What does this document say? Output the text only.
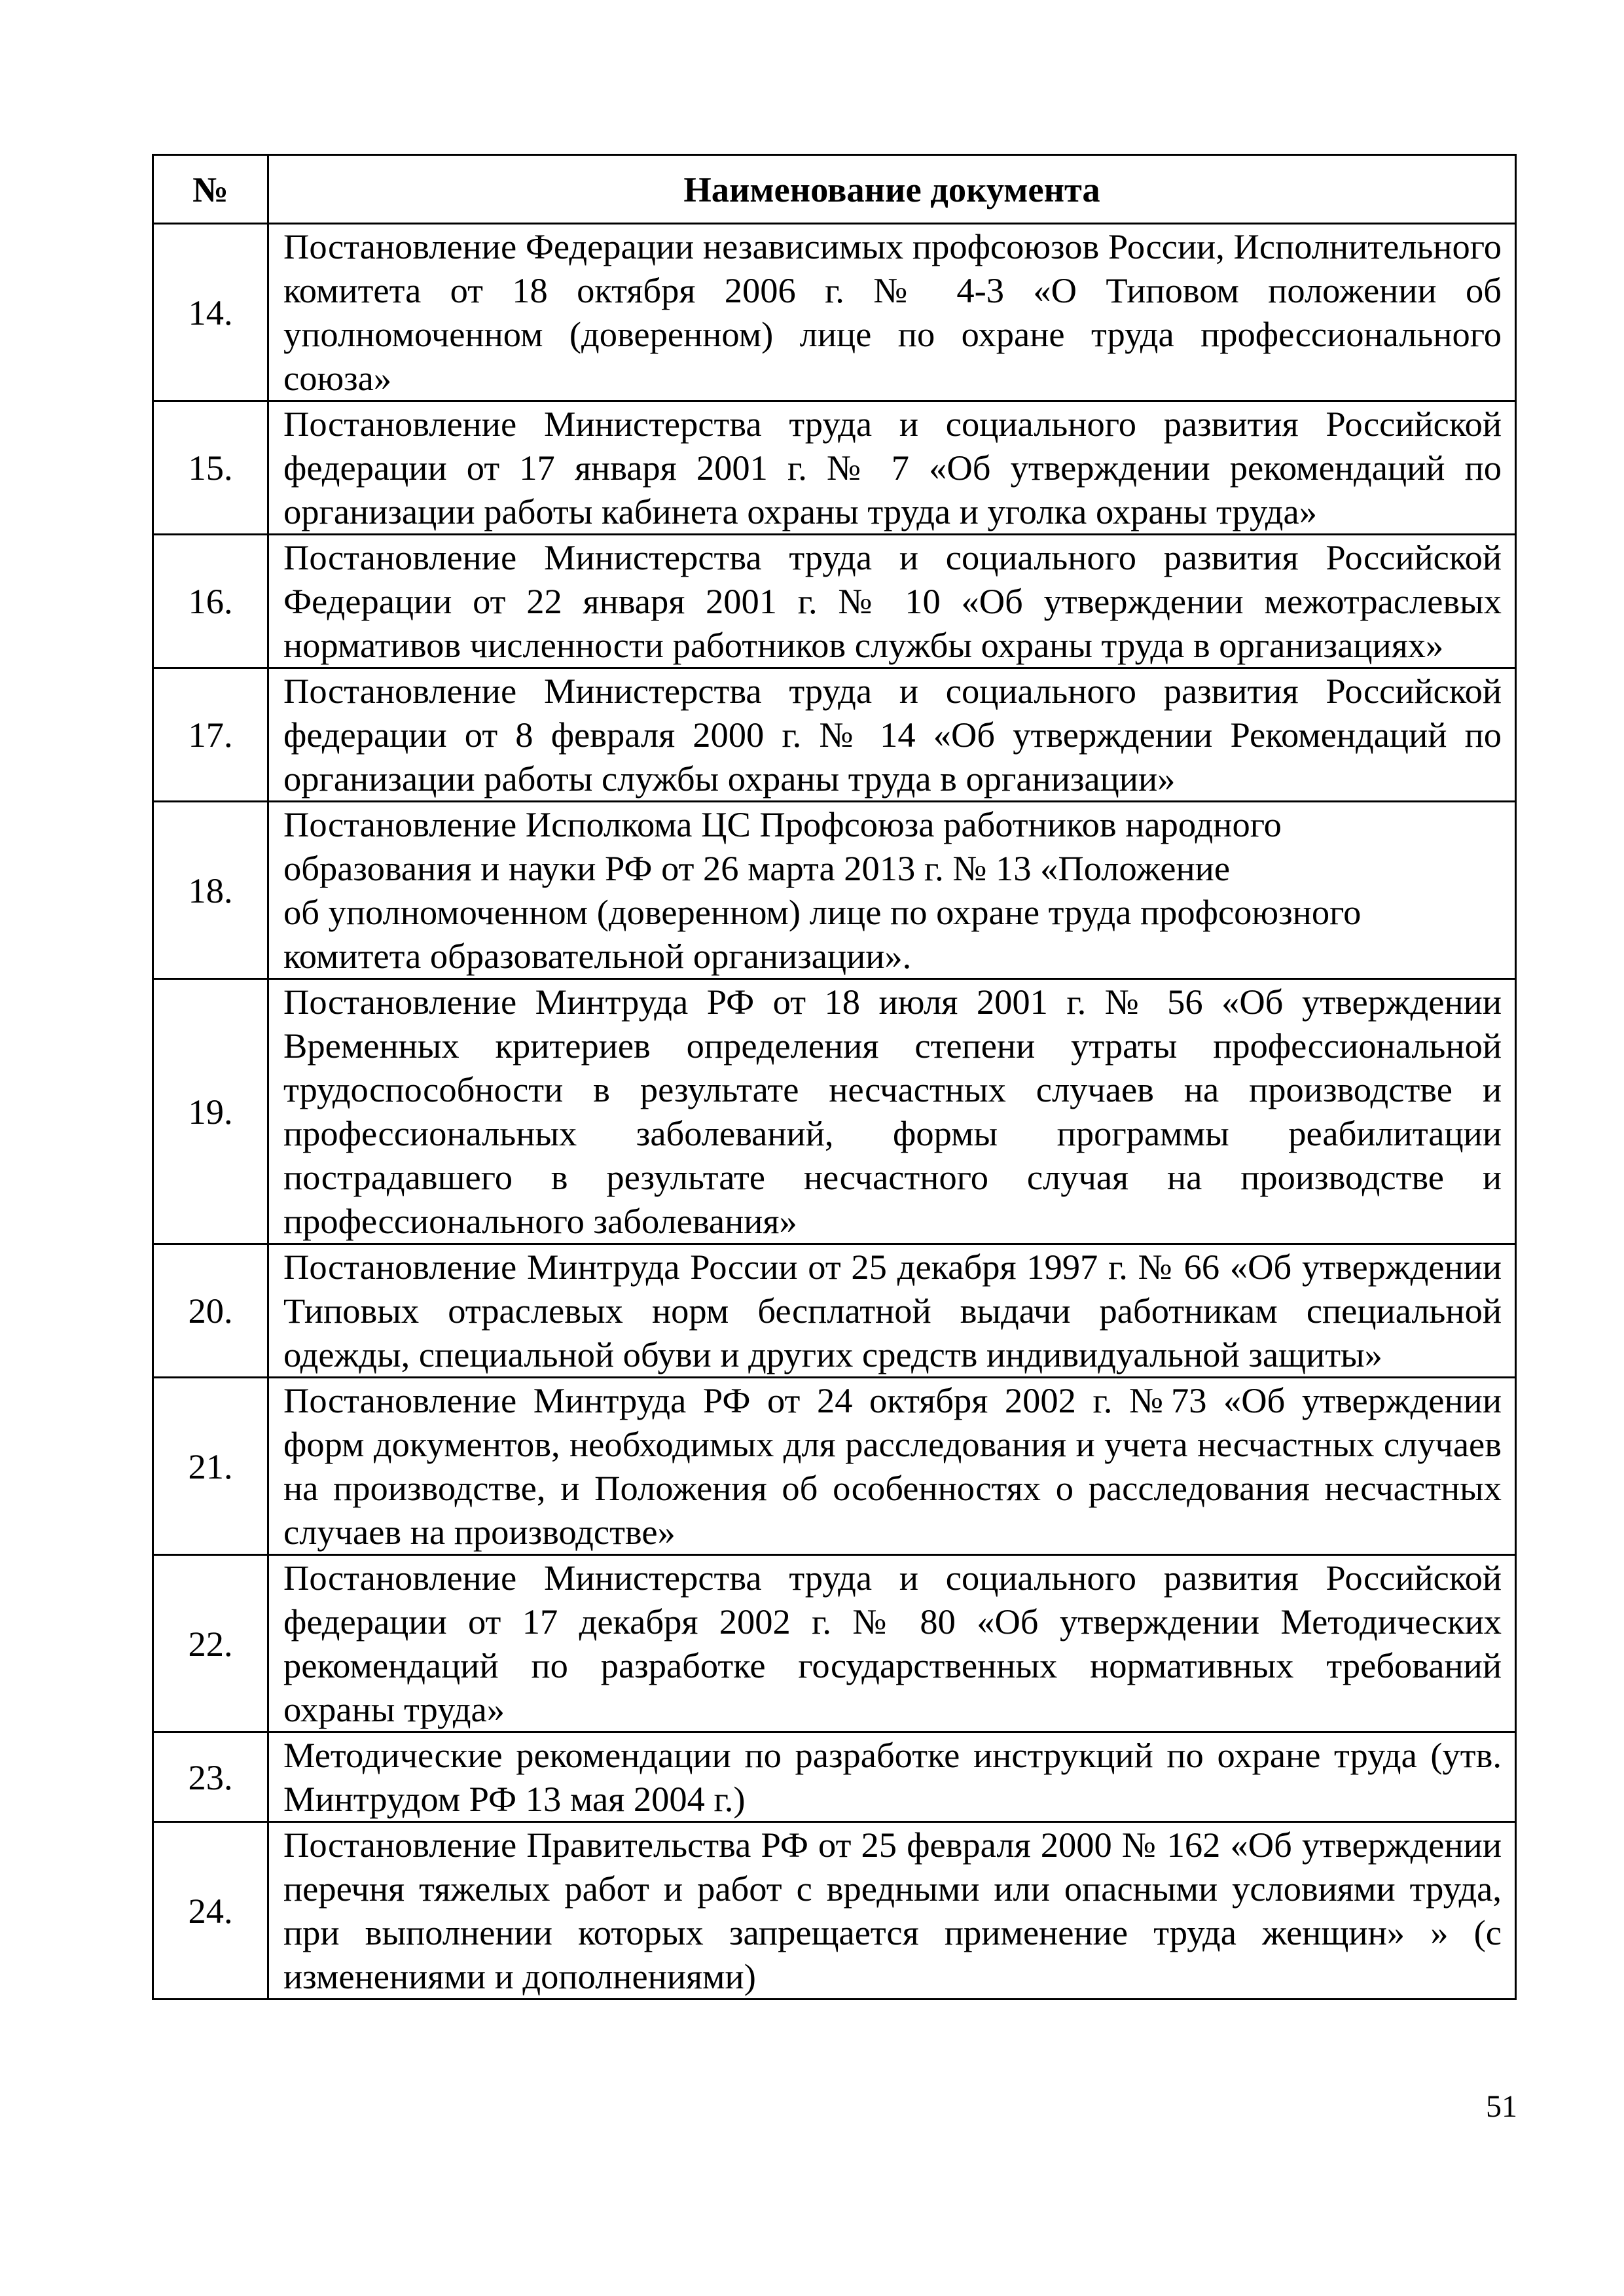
№	Наименование документа
14.	Постановление Федерации независимых профсоюзов России, Исполнительного комитета от 18 октября 2006 г. № 4-3 «О Типовом положении об уполномоченном (доверенном) лице по охране труда профессионального союза»
15.	Постановление Министерства труда и социального развития Российской федерации от 17 января 2001 г. № 7 «Об утверждении рекомендаций по организации работы кабинета охраны труда и уголка охраны труда»
16.	Постановление Министерства труда и социального развития Российской Федерации от 22 января 2001 г. № 10 «Об утверждении межотраслевых нормативов численности работников службы охраны труда в организациях»
17.	Постановление Министерства труда и социального развития Российской федерации от 8 февраля 2000 г. № 14 «Об утверждении Рекомендаций по организации работы службы охраны труда в организации»
18.	Постановление Исполкома ЦС Профсоюза работников народного
образования и науки РФ от 26 марта 2013 г. № 13 «Положение
об уполномоченном (доверенном) лице по охране труда профсоюзного
комитета образовательной организации».
19.	Постановление Минтруда РФ от 18 июля 2001 г. № 56 «Об утверждении Временных критериев определения степени утраты профессиональной трудоспособности в результате несчастных случаев на производстве и профессиональных заболеваний, формы программы реабилитации пострадавшего в результате несчастного случая на производстве и профессионального заболевания»
20.	Постановление Минтруда России от 25 декабря 1997 г. № 66 «Об утверждении Типовых отраслевых норм бесплатной выдачи работникам специальной одежды, специальной обуви и других средств индивидуальной защиты»
21.	Постановление Минтруда РФ от 24 октября 2002 г. №73 «Об утверждении форм документов, необходимых для расследования и учета несчастных случаев на производстве, и Положения об особенностях о расследования несчастных случаев на производстве»
22.	Постановление Министерства труда и социального развития Российской федерации от 17 декабря 2002 г. № 80 «Об утверждении Методических рекомендаций по разработке государственных нормативных требований охраны труда»
23.	Методические рекомендации по разработке инструкций по охране труда (утв. Минтрудом РФ 13 мая 2004 г.)
24.	Постановление Правительства РФ от 25 февраля 2000 № 162 «Об утверждении перечня тяжелых работ и работ с вредными или опасными условиями труда, при выполнении которых запрещается применение труда женщин» » (с изменениями и дополнениями)
51
